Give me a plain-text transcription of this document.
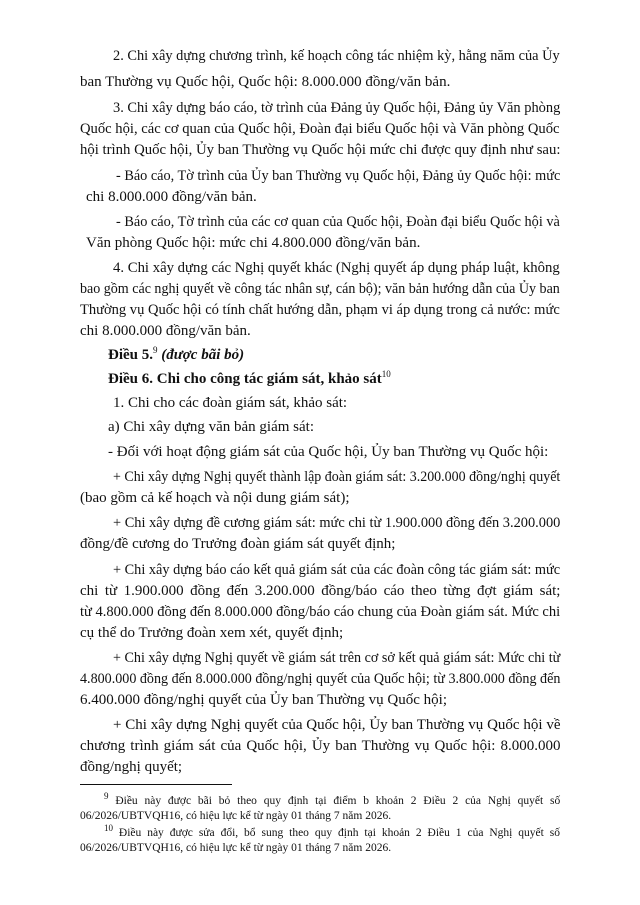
2. Chi xây dựng chương trình, kế hoạch công tác nhiệm kỳ, hằng năm của Ủy
ban Thường vụ Quốc hội, Quốc hội: 8.000.000 đồng/văn bản.
3. Chi xây dựng báo cáo, tờ trình của Đảng ủy Quốc hội, Đảng ủy Văn phòng
Quốc hội, các cơ quan của Quốc hội, Đoàn đại biểu Quốc hội và Văn phòng Quốc
hội trình Quốc hội, Ủy ban Thường vụ Quốc hội mức chi được quy định như sau:
- Báo cáo, Tờ trình của Ủy ban Thường vụ Quốc hội, Đảng ủy Quốc hội: mức
chi 8.000.000 đồng/văn bản.
- Báo cáo, Tờ trình của các cơ quan của Quốc hội, Đoàn đại biểu Quốc hội và
Văn phòng Quốc hội: mức chi 4.800.000 đồng/văn bản.
4. Chi xây dựng các Nghị quyết khác (Nghị quyết áp dụng pháp luật, không
bao gồm các nghị quyết về công tác nhân sự, cán bộ); văn bản hướng dẫn của Ủy ban
Thường vụ Quốc hội có tính chất hướng dẫn, phạm vi áp dụng trong cả nước: mức
chi 8.000.000 đồng/văn bản.
Điều 5.$^9$ (được bãi bỏ)
Điều 6. Chi cho công tác giám sát, khảo sát$^{10}$
1. Chi cho các đoàn giám sát, khảo sát:
a) Chi xây dựng văn bản giám sát:
- Đối với hoạt động giám sát của Quốc hội, Ủy ban Thường vụ Quốc hội:
+ Chi xây dựng Nghị quyết thành lập đoàn giám sát: 3.200.000 đồng/nghị quyết
(bao gồm cả kế hoạch và nội dung giám sát);
+ Chi xây dựng đề cương giám sát: mức chi từ 1.900.000 đồng đến 3.200.000
đồng/đề cương do Trưởng đoàn giám sát quyết định;
+ Chi xây dựng báo cáo kết quả giám sát của các đoàn công tác giám sát: mức
chi từ 1.900.000 đồng đến 3.200.000 đồng/báo cáo theo từng đợt giám sát;
từ 4.800.000 đồng đến 8.000.000 đồng/báo cáo chung của Đoàn giám sát. Mức chi
cụ thể do Trưởng đoàn xem xét, quyết định;
+ Chi xây dựng Nghị quyết về giám sát trên cơ sở kết quả giám sát: Mức chi từ
4.800.000 đồng đến 8.000.000 đồng/nghị quyết của Quốc hội; từ 3.800.000 đồng đến
6.400.000 đồng/nghị quyết của Ủy ban Thường vụ Quốc hội;
+ Chi xây dựng Nghị quyết của Quốc hội, Ủy ban Thường vụ Quốc hội về
chương trình giám sát của Quốc hội, Ủy ban Thường vụ Quốc hội: 8.000.000
đồng/nghị quyết;
$^9$ Điều này được bãi bỏ theo quy định tại điểm b khoản 2 Điều 2 của Nghị quyết số
06/2026/UBTVQH16, có hiệu lực kể từ ngày 01 tháng 7 năm 2026.
$^{10}$ Điều này được sửa đổi, bổ sung theo quy định tại khoản 2 Điều 1 của Nghị quyết số
06/2026/UBTVQH16, có hiệu lực kể từ ngày 01 tháng 7 năm 2026.
